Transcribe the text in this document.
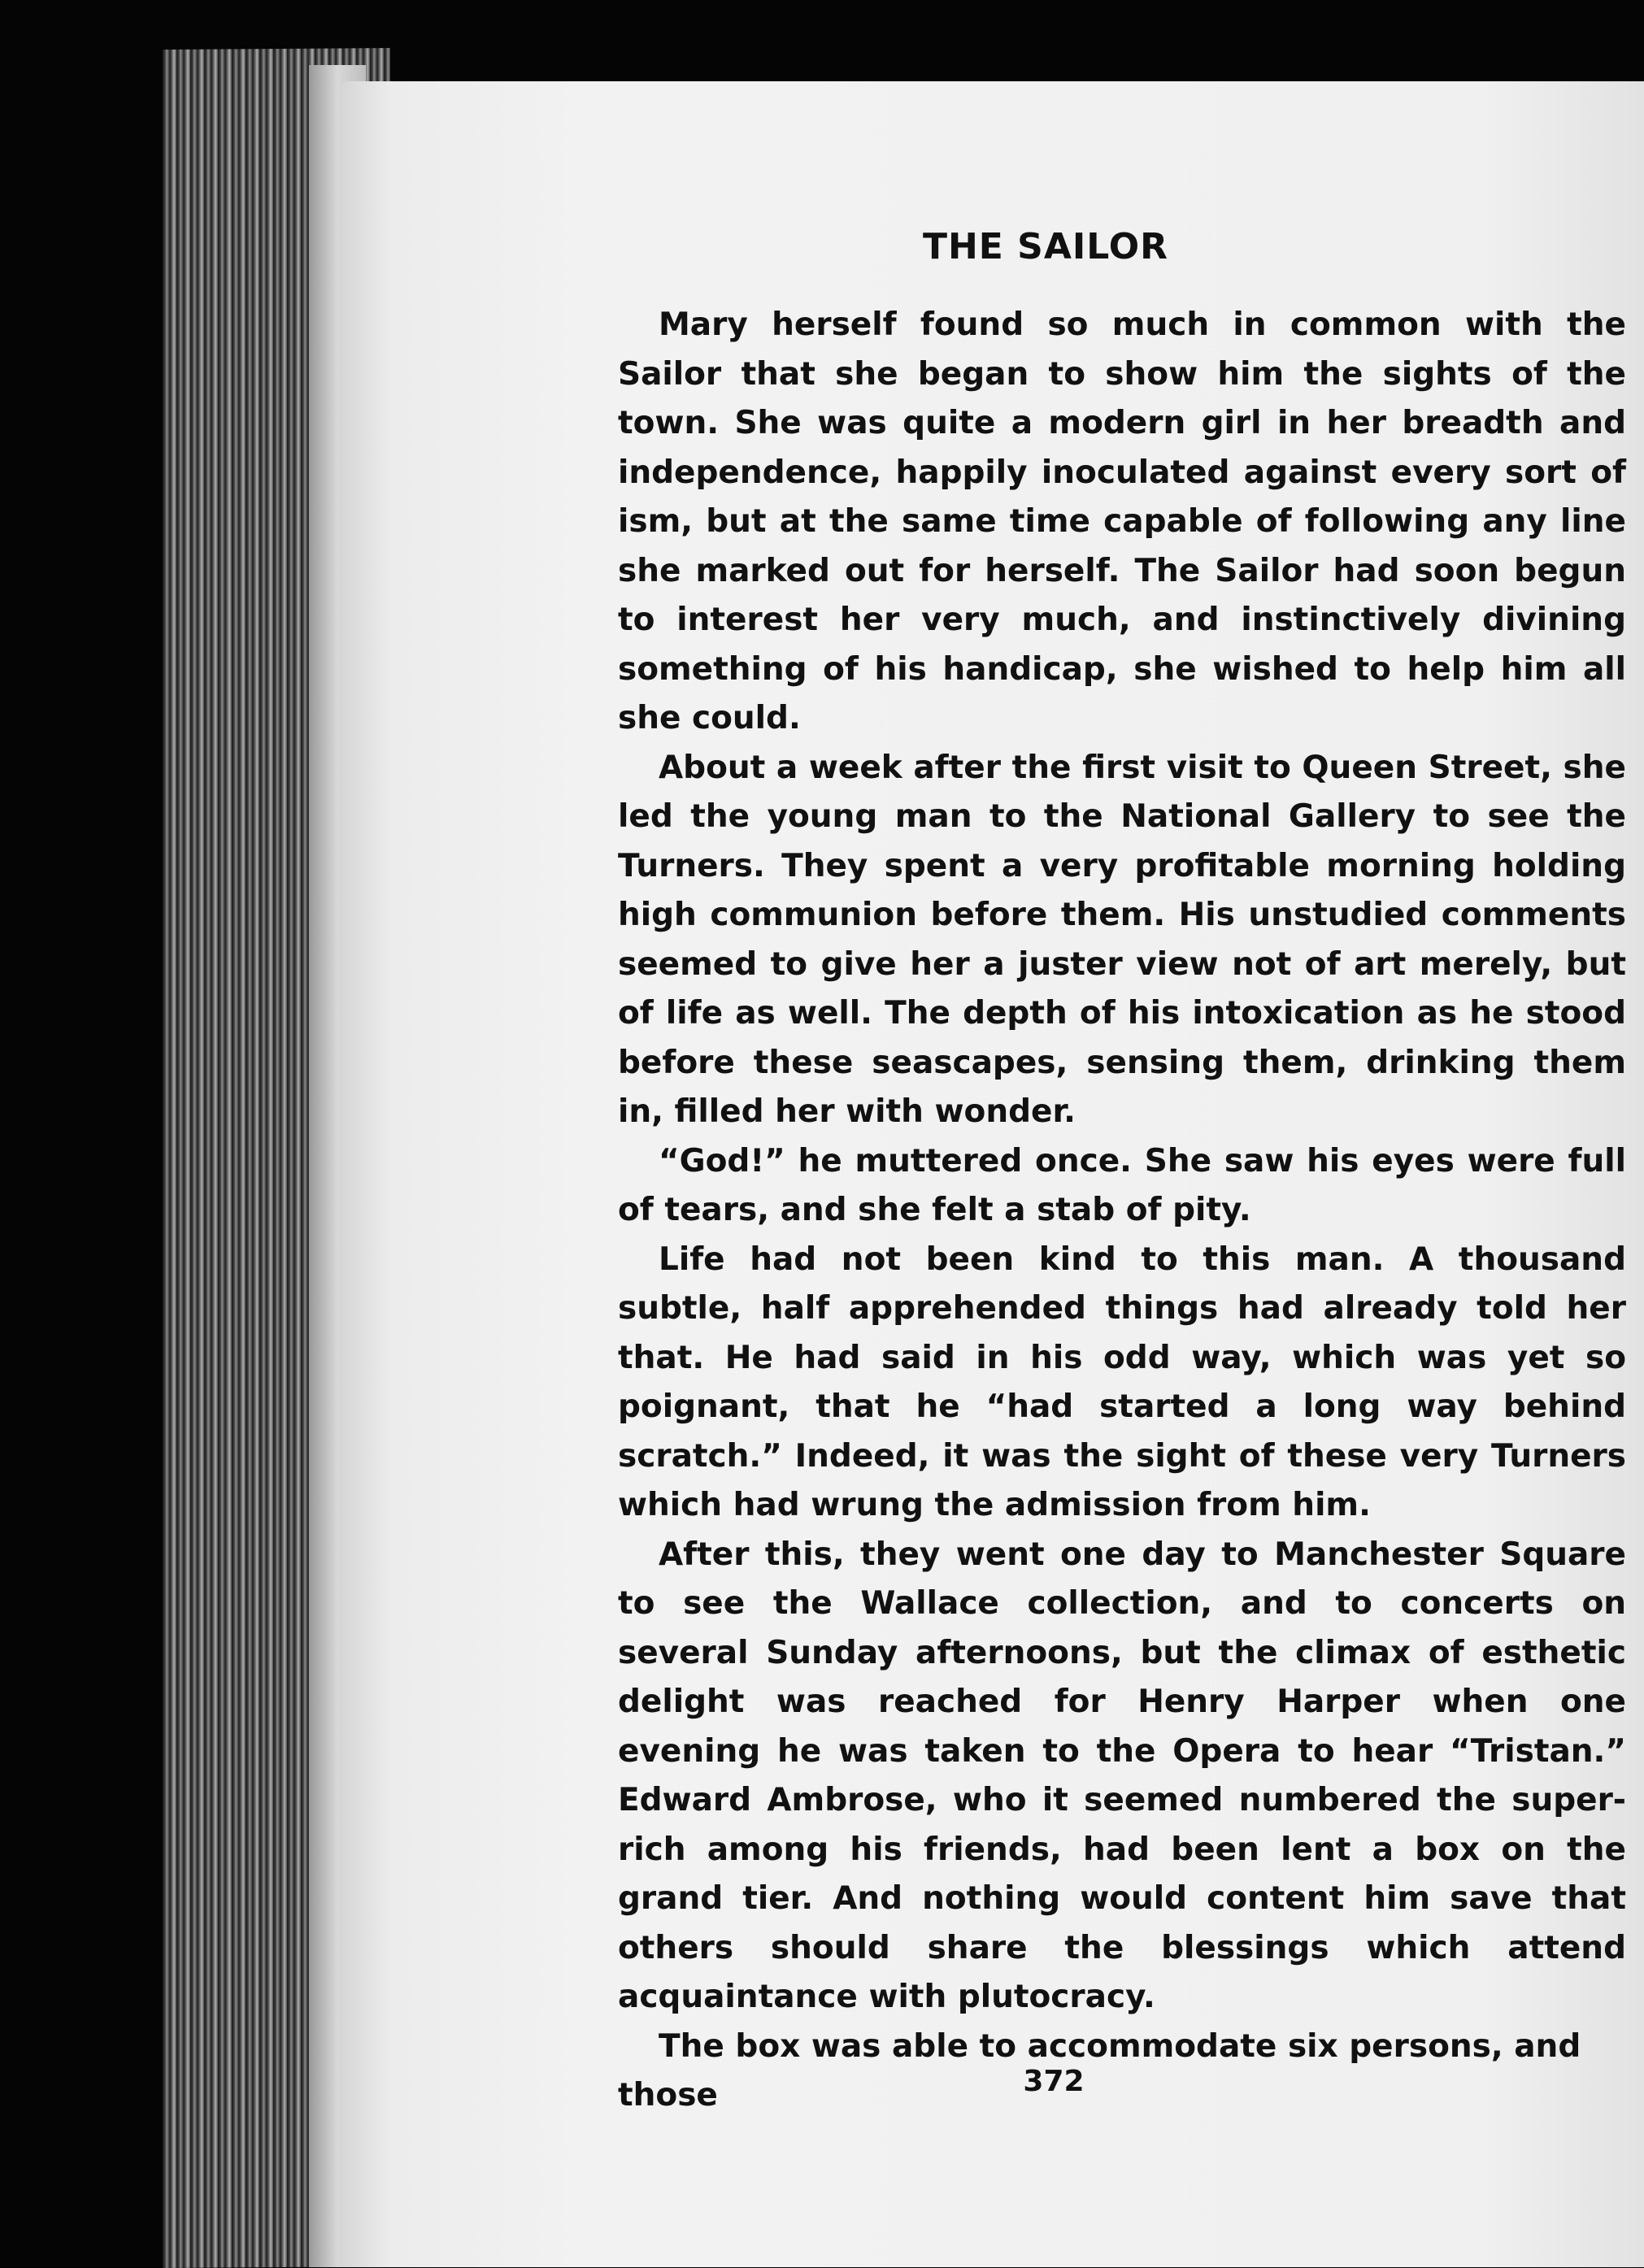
THE SAILOR

Mary herself found so much in common with the Sailor that she began to show him the sights of the town. She was quite a modern girl in her breadth and independence, happily inoculated against every sort of ism, but at the same time capable of following any line she marked out for herself. The Sailor had soon begun to interest her very much, and instinctively divining something of his handicap, she wished to help him all she could.

About a week after the first visit to Queen Street, she led the young man to the National Gallery to see the Turners. They spent a very profitable morning holding high communion before them. His unstudied comments seemed to give her a juster view not of art merely, but of life as well. The depth of his intoxication as he stood before these seascapes, sensing them, drinking them in, filled her with wonder.

“God!” he muttered once. She saw his eyes were full of tears, and she felt a stab of pity.

Life had not been kind to this man. A thousand subtle, half apprehended things had already told her that. He had said in his odd way, which was yet so poignant, that he “had started a long way behind scratch.” Indeed, it was the sight of these very Turners which had wrung the admission from him.

After this, they went one day to Manchester Square to see the Wallace collection, and to concerts on several Sunday afternoons, but the climax of esthetic delight was reached for Henry Harper when one evening he was taken to the Opera to hear “Tristan.” Edward Ambrose, who it seemed numbered the super-rich among his friends, had been lent a box on the grand tier. And nothing would content him save that others should share the blessings which attend acquaintance with plutocracy.

The box was able to accommodate six persons, and those	372
